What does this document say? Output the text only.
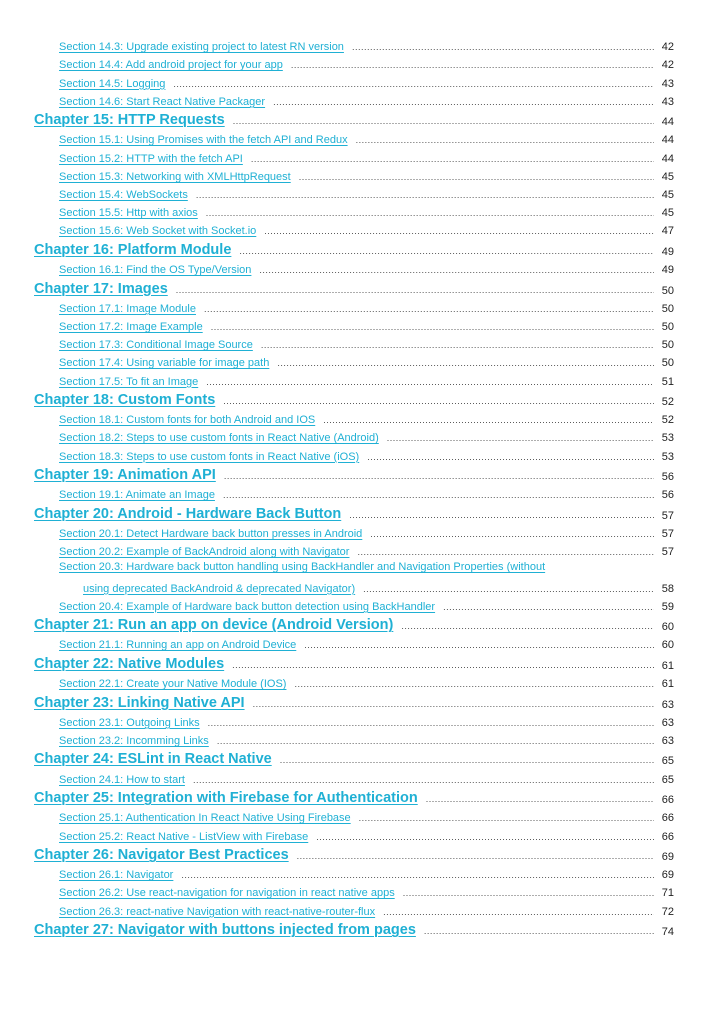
Section 14.3: Upgrade existing project to latest RN version .....	42
Section 14.4: Add android project for your app .....	42
Section 14.5: Logging .....	43
Section 14.6: Start React Native Packager .....	43
Chapter 15: HTTP Requests .....	44
Section 15.1: Using Promises with the fetch API and Redux .....	44
Section 15.2: HTTP with the fetch API .....	44
Section 15.3: Networking with XMLHttpRequest .....	45
Section 15.4: WebSockets .....	45
Section 15.5: Http with axios .....	45
Section 15.6: Web Socket with Socket.io .....	47
Chapter 16: Platform Module .....	49
Section 16.1: Find the OS Type/Version .....	49
Chapter 17: Images .....	50
Section 17.1: Image Module .....	50
Section 17.2: Image Example .....	50
Section 17.3: Conditional Image Source .....	50
Section 17.4: Using variable for image path .....	50
Section 17.5: To fit an Image .....	51
Chapter 18: Custom Fonts .....	52
Section 18.1: Custom fonts for both Android and IOS .....	52
Section 18.2: Steps to use custom fonts in React Native (Android) .....	53
Section 18.3: Steps to use custom fonts in React Native (iOS) .....	53
Chapter 19: Animation API .....	56
Section 19.1: Animate an Image .....	56
Chapter 20: Android - Hardware Back Button .....	57
Section 20.1: Detect Hardware back button presses in Android .....	57
Section 20.2: Example of BackAndroid along with Navigator .....	57
Section 20.3: Hardware back button handling using BackHandler and Navigation Properties (without
using deprecated BackAndroid & deprecated Navigator) .....	58
Section 20.4: Example of Hardware back button detection using BackHandler .....	59
Chapter 21: Run an app on device (Android Version) .....	60
Section 21.1: Running an app on Android Device .....	60
Chapter 22: Native Modules .....	61
Section 22.1: Create your Native Module (IOS) .....	61
Chapter 23: Linking Native API .....	63
Section 23.1: Outgoing Links .....	63
Section 23.2: Incomming Links .....	63
Chapter 24: ESLint in React Native .....	65
Section 24.1: How to start .....	65
Chapter 25: Integration with Firebase for Authentication .....	66
Section 25.1: Authentication In React Native Using Firebase .....	66
Section 25.2: React Native - ListView with Firebase .....	66
Chapter 26: Navigator Best Practices .....	69
Section 26.1: Navigator .....	69
Section 26.2: Use react-navigation for navigation in react native apps .....	71
Section 26.3: react-native Navigation with react-native-router-flux .....	72
Chapter 27: Navigator with buttons injected from pages .....	74
